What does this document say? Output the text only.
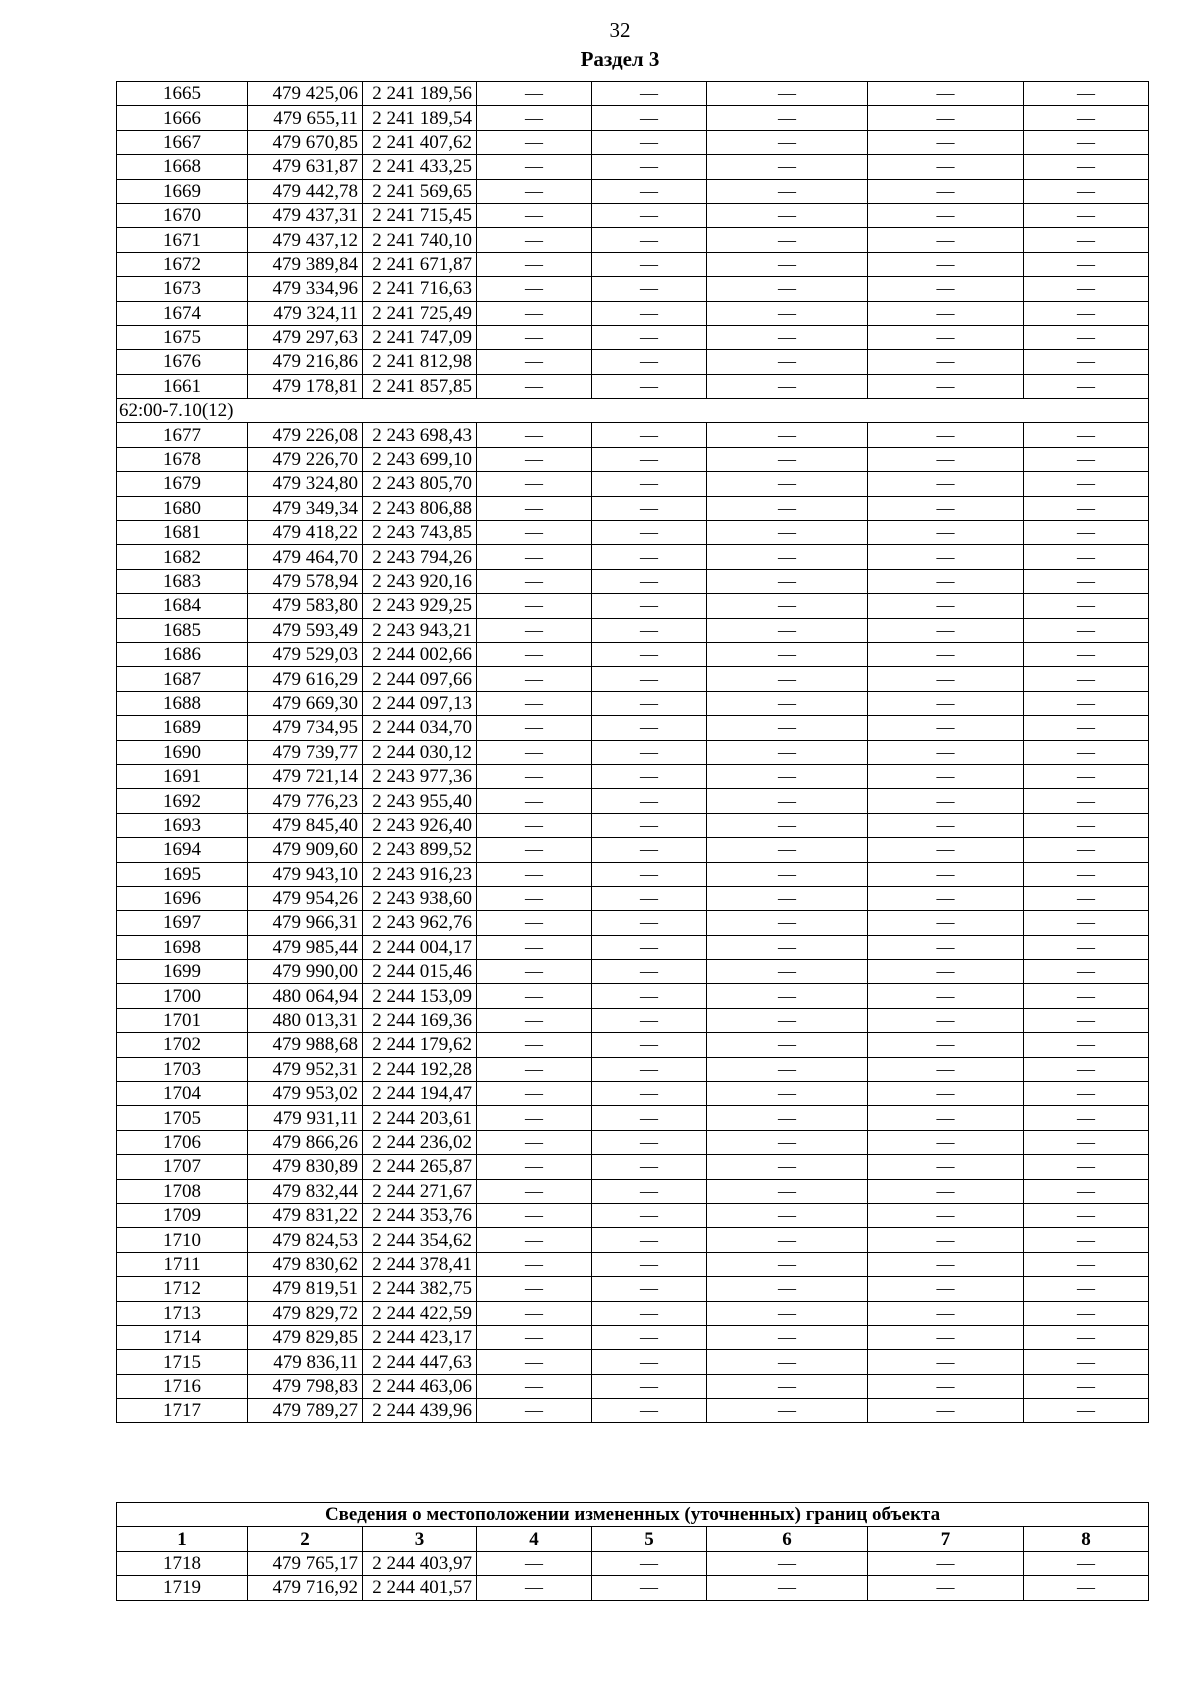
32
Раздел 3
1665	479 425,06	2 241 189,56	—	—	—	—	—
1666	479 655,11	2 241 189,54	—	—	—	—	—
1667	479 670,85	2 241 407,62	—	—	—	—	—
1668	479 631,87	2 241 433,25	—	—	—	—	—
1669	479 442,78	2 241 569,65	—	—	—	—	—
1670	479 437,31	2 241 715,45	—	—	—	—	—
1671	479 437,12	2 241 740,10	—	—	—	—	—
1672	479 389,84	2 241 671,87	—	—	—	—	—
1673	479 334,96	2 241 716,63	—	—	—	—	—
1674	479 324,11	2 241 725,49	—	—	—	—	—
1675	479 297,63	2 241 747,09	—	—	—	—	—
1676	479 216,86	2 241 812,98	—	—	—	—	—
1661	479 178,81	2 241 857,85	—	—	—	—	—
62:00-7.10(12)							
1677	479 226,08	2 243 698,43	—	—	—	—	—
1678	479 226,70	2 243 699,10	—	—	—	—	—
1679	479 324,80	2 243 805,70	—	—	—	—	—
1680	479 349,34	2 243 806,88	—	—	—	—	—
1681	479 418,22	2 243 743,85	—	—	—	—	—
1682	479 464,70	2 243 794,26	—	—	—	—	—
1683	479 578,94	2 243 920,16	—	—	—	—	—
1684	479 583,80	2 243 929,25	—	—	—	—	—
1685	479 593,49	2 243 943,21	—	—	—	—	—
1686	479 529,03	2 244 002,66	—	—	—	—	—
1687	479 616,29	2 244 097,66	—	—	—	—	—
1688	479 669,30	2 244 097,13	—	—	—	—	—
1689	479 734,95	2 244 034,70	—	—	—	—	—
1690	479 739,77	2 244 030,12	—	—	—	—	—
1691	479 721,14	2 243 977,36	—	—	—	—	—
1692	479 776,23	2 243 955,40	—	—	—	—	—
1693	479 845,40	2 243 926,40	—	—	—	—	—
1694	479 909,60	2 243 899,52	—	—	—	—	—
1695	479 943,10	2 243 916,23	—	—	—	—	—
1696	479 954,26	2 243 938,60	—	—	—	—	—
1697	479 966,31	2 243 962,76	—	—	—	—	—
1698	479 985,44	2 244 004,17	—	—	—	—	—
1699	479 990,00	2 244 015,46	—	—	—	—	—
1700	480 064,94	2 244 153,09	—	—	—	—	—
1701	480 013,31	2 244 169,36	—	—	—	—	—
1702	479 988,68	2 244 179,62	—	—	—	—	—
1703	479 952,31	2 244 192,28	—	—	—	—	—
1704	479 953,02	2 244 194,47	—	—	—	—	—
1705	479 931,11	2 244 203,61	—	—	—	—	—
1706	479 866,26	2 244 236,02	—	—	—	—	—
1707	479 830,89	2 244 265,87	—	—	—	—	—
1708	479 832,44	2 244 271,67	—	—	—	—	—
1709	479 831,22	2 244 353,76	—	—	—	—	—
1710	479 824,53	2 244 354,62	—	—	—	—	—
1711	479 830,62	2 244 378,41	—	—	—	—	—
1712	479 819,51	2 244 382,75	—	—	—	—	—
1713	479 829,72	2 244 422,59	—	—	—	—	—
1714	479 829,85	2 244 423,17	—	—	—	—	—
1715	479 836,11	2 244 447,63	—	—	—	—	—
1716	479 798,83	2 244 463,06	—	—	—	—	—
1717	479 789,27	2 244 439,96	—	—	—	—	—
Сведения о местоположении измененных (уточненных) границ объекта							
1	2	3	4	5	6	7	8
1718	479 765,17	2 244 403,97	—	—	—	—	—
1719	479 716,92	2 244 401,57	—	—	—	—	—
